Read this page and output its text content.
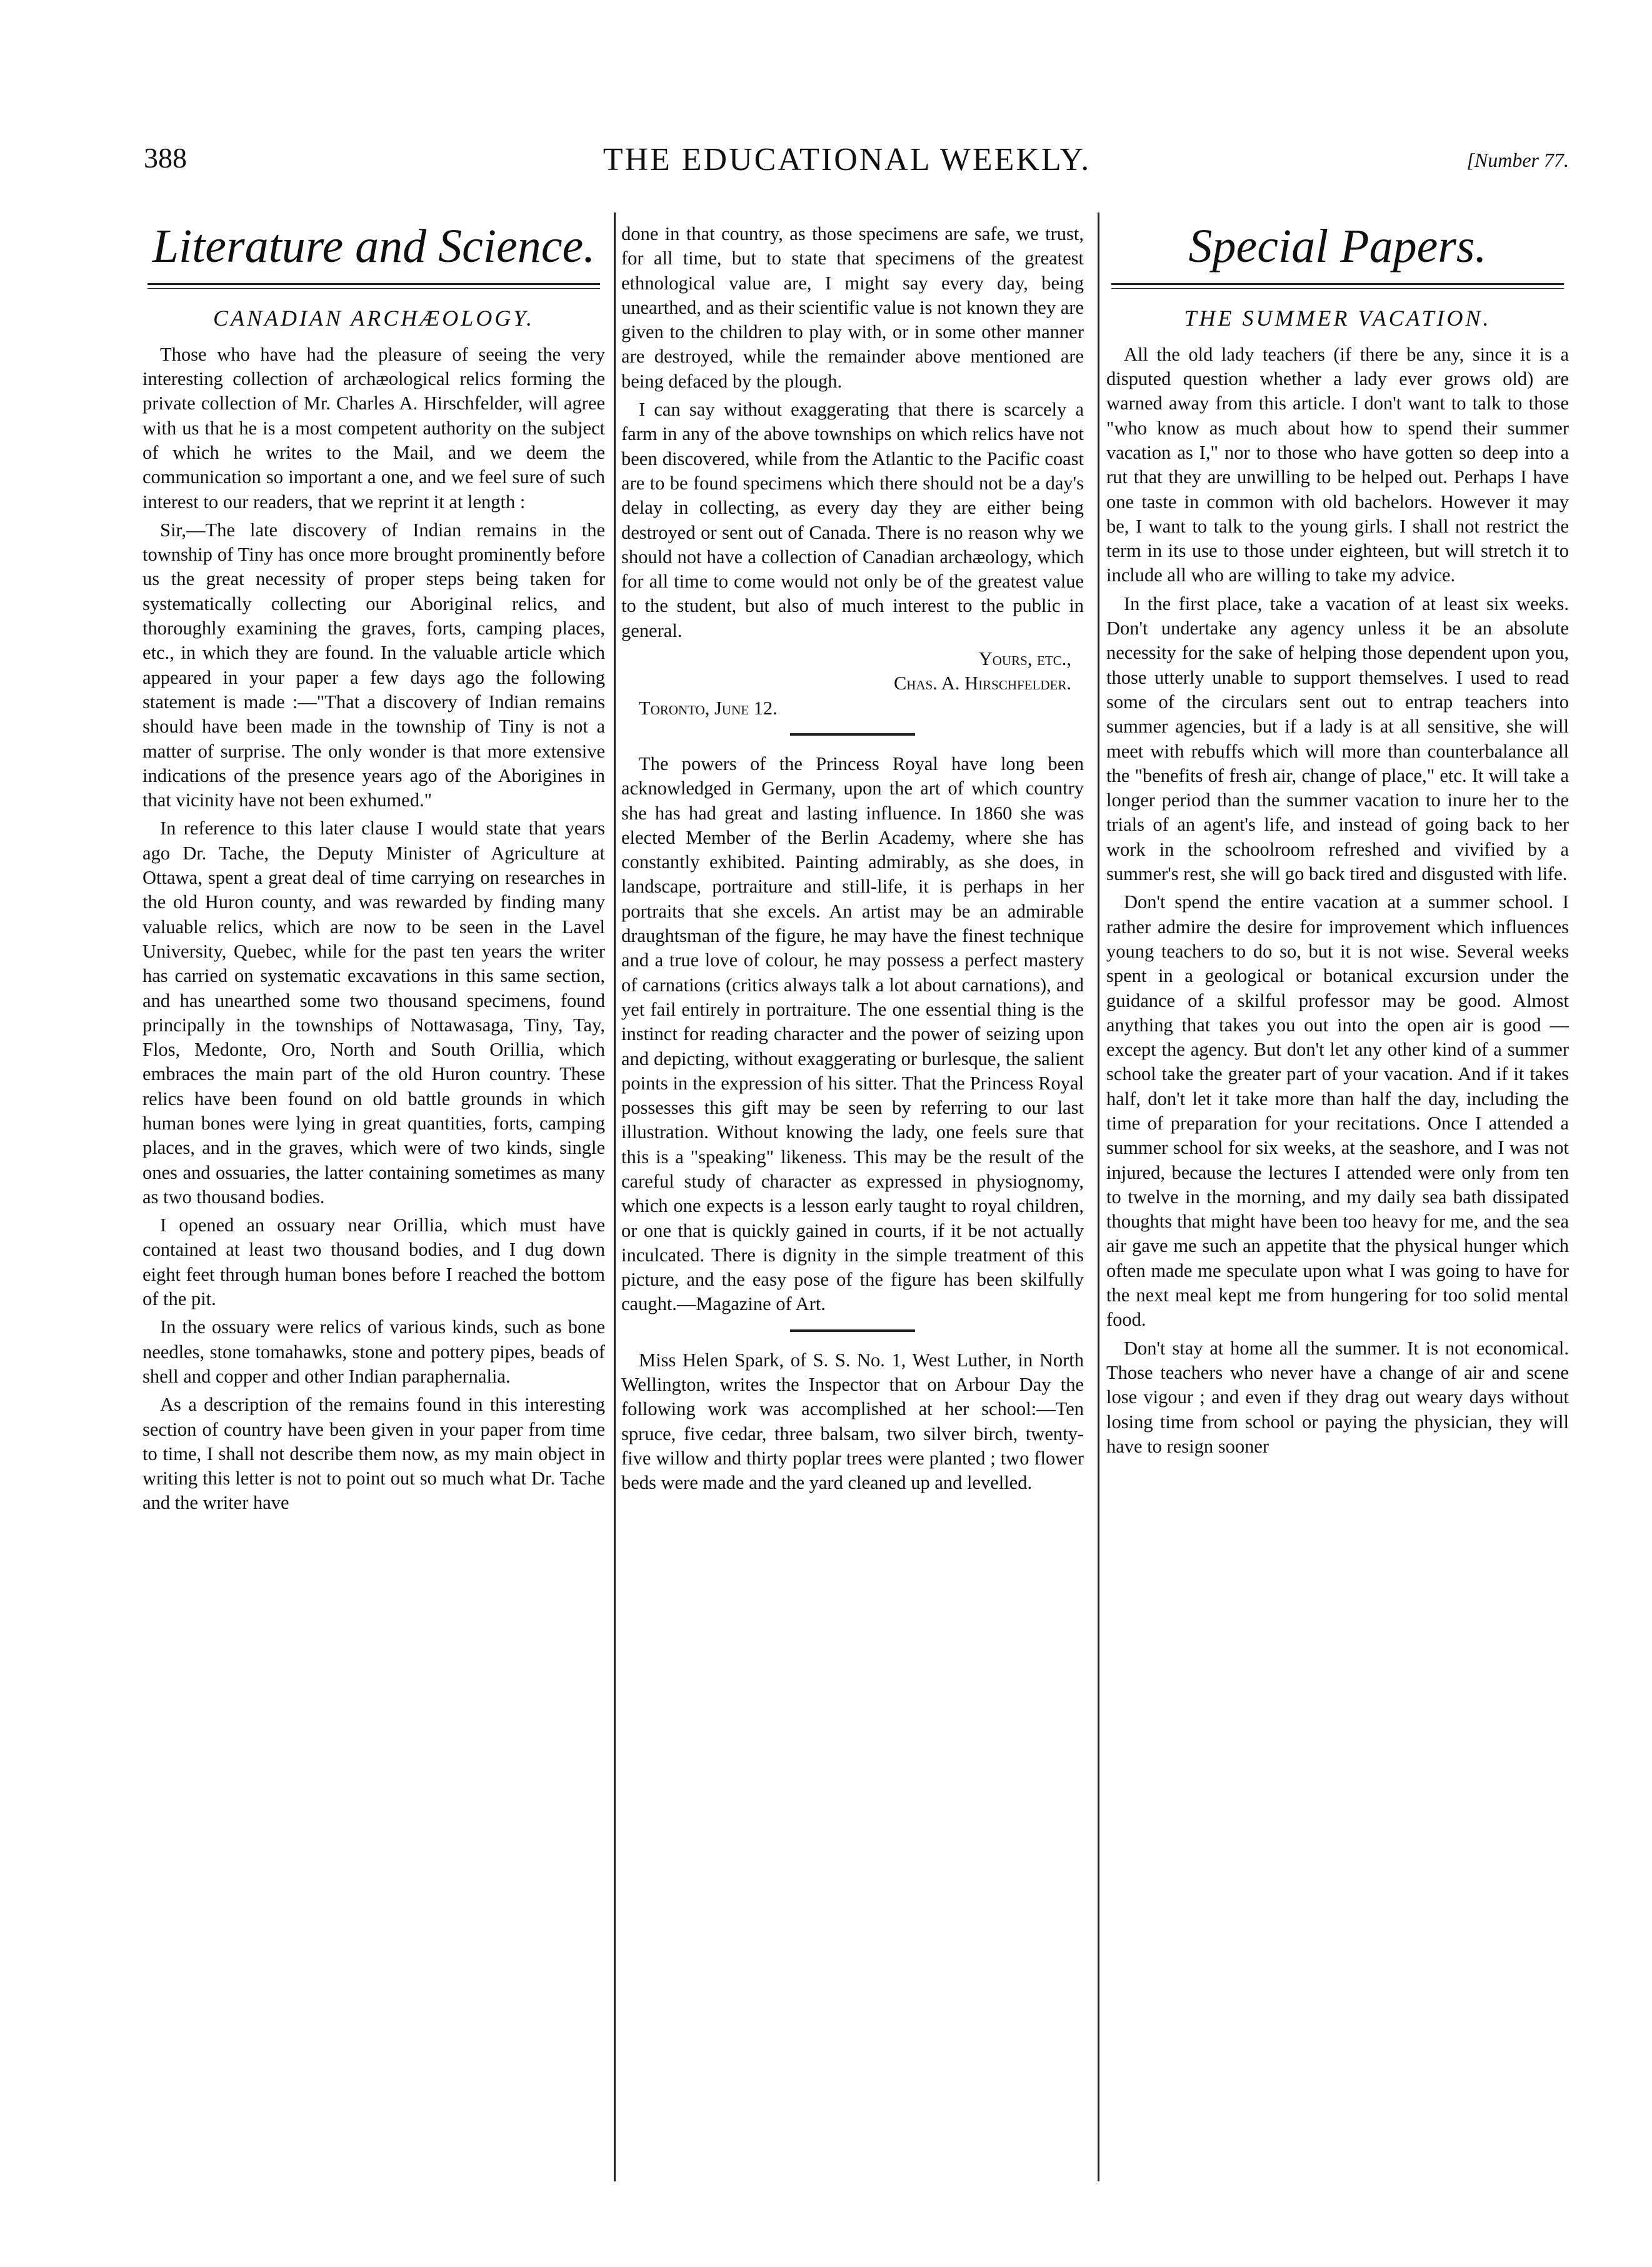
388	THE EDUCATIONAL WEEKLY.	[Number 77.
Literature and Science.
CANADIAN ARCHÆOLOGY.

Those who have had the pleasure of seeing the very interesting collection of archæological relics forming the private collection of Mr. Charles A. Hirschfelder, will agree with us that he is a most competent authority on the subject of which he writes to the Mail, and we deem the communication so important a one, and we feel sure of such interest to our readers, that we reprint it at length :

Sir,—The late discovery of Indian remains in the township of Tiny has once more brought prominently before us the great necessity of proper steps being taken for systematically collecting our Aboriginal relics, and thoroughly examining the graves, forts, camping places, etc., in which they are found. In the valuable article which appeared in your paper a few days ago the following statement is made :—"That a discovery of Indian remains should have been made in the township of Tiny is not a matter of surprise. The only wonder is that more extensive indications of the presence years ago of the Aborigines in that vicinity have not been exhumed."

In reference to this later clause I would state that years ago Dr. Tache, the Deputy Minister of Agriculture at Ottawa, spent a great deal of time carrying on researches in the old Huron county, and was rewarded by finding many valuable relics, which are now to be seen in the Lavel University, Quebec, while for the past ten years the writer has carried on systematic excavations in this same section, and has unearthed some two thousand specimens, found principally in the townships of Nottawasaga, Tiny, Tay, Flos, Medonte, Oro, North and South Orillia, which embraces the main part of the old Huron country. These relics have been found on old battle grounds in which human bones were lying in great quantities, forts, camping places, and in the graves, which were of two kinds, single ones and ossuaries, the latter containing sometimes as many as two thousand bodies.

I opened an ossuary near Orillia, which must have contained at least two thousand bodies, and I dug down eight feet through human bones before I reached the bottom of the pit.

In the ossuary were relics of various kinds, such as bone needles, stone tomahawks, stone and pottery pipes, beads of shell and copper and other Indian paraphernalia.

As a description of the remains found in this interesting section of country have been given in your paper from time to time, I shall not describe them now, as my main object in writing this letter is not to point out so much what Dr. Tache and the writer have

done in that country, as those specimens are safe, we trust, for all time, but to state that specimens of the greatest ethnological value are, I might say every day, being unearthed, and as their scientific value is not known they are given to the children to play with, or in some other manner are destroyed, while the remainder above mentioned are being defaced by the plough.

I can say without exaggerating that there is scarcely a farm in any of the above townships on which relics have not been discovered, while from the Atlantic to the Pacific coast are to be found specimens which there should not be a day's delay in collecting, as every day they are either being destroyed or sent out of Canada. There is no reason why we should not have a collection of Canadian archæology, which for all time to come would not only be of the greatest value to the student, but also of much interest to the public in general.

Yours, etc.,
Chas. A. Hirschfelder.
Toronto, June 12.

The powers of the Princess Royal have long been acknowledged in Germany, upon the art of which country she has had great and lasting influence. In 1860 she was elected Member of the Berlin Academy, where she has constantly exhibited. Painting admirably, as she does, in landscape, portraiture and still-life, it is perhaps in her portraits that she excels. An artist may be an admirable draughtsman of the figure, he may have the finest technique and a true love of colour, he may possess a perfect mastery of carnations (critics always talk a lot about carnations), and yet fail entirely in portraiture. The one essential thing is the instinct for reading character and the power of seizing upon and depicting, without exaggerating or burlesque, the salient points in the expression of his sitter. That the Princess Royal possesses this gift may be seen by referring to our last illustration. Without knowing the lady, one feels sure that this is a "speaking" likeness. This may be the result of the careful study of character as expressed in physiognomy, which one expects is a lesson early taught to royal children, or one that is quickly gained in courts, if it be not actually inculcated. There is dignity in the simple treatment of this picture, and the easy pose of the figure has been skilfully caught.—Magazine of Art.

Miss Helen Spark, of S. S. No. 1, West Luther, in North Wellington, writes the Inspector that on Arbour Day the following work was accomplished at her school:—Ten spruce, five cedar, three balsam, two silver birch, twenty-five willow and thirty poplar trees were planted ; two flower beds were made and the yard cleaned up and levelled.

Special Papers.
THE SUMMER VACATION.

All the old lady teachers (if there be any, since it is a disputed question whether a lady ever grows old) are warned away from this article. I don't want to talk to those "who know as much about how to spend their summer vacation as I," nor to those who have gotten so deep into a rut that they are unwilling to be helped out. Perhaps I have one taste in common with old bachelors. However it may be, I want to talk to the young girls. I shall not restrict the term in its use to those under eighteen, but will stretch it to include all who are willing to take my advice.

In the first place, take a vacation of at least six weeks. Don't undertake any agency unless it be an absolute necessity for the sake of helping those dependent upon you, those utterly unable to support themselves. I used to read some of the circulars sent out to entrap teachers into summer agencies, but if a lady is at all sensitive, she will meet with rebuffs which will more than counterbalance all the "benefits of fresh air, change of place," etc. It will take a longer period than the summer vacation to inure her to the trials of an agent's life, and instead of going back to her work in the schoolroom refreshed and vivified by a summer's rest, she will go back tired and disgusted with life.

Don't spend the entire vacation at a summer school. I rather admire the desire for improvement which influences young teachers to do so, but it is not wise. Several weeks spent in a geological or botanical excursion under the guidance of a skilful professor may be good. Almost anything that takes you out into the open air is good —except the agency. But don't let any other kind of a summer school take the greater part of your vacation. And if it takes half, don't let it take more than half the day, including the time of preparation for your recitations. Once I attended a summer school for six weeks, at the seashore, and I was not injured, because the lectures I attended were only from ten to twelve in the morning, and my daily sea bath dissipated thoughts that might have been too heavy for me, and the sea air gave me such an appetite that the physical hunger which often made me speculate upon what I was going to have for the next meal kept me from hungering for too solid mental food.

Don't stay at home all the summer. It is not economical. Those teachers who never have a change of air and scene lose vigour ; and even if they drag out weary days without losing time from school or paying the physician, they will have to resign sooner
